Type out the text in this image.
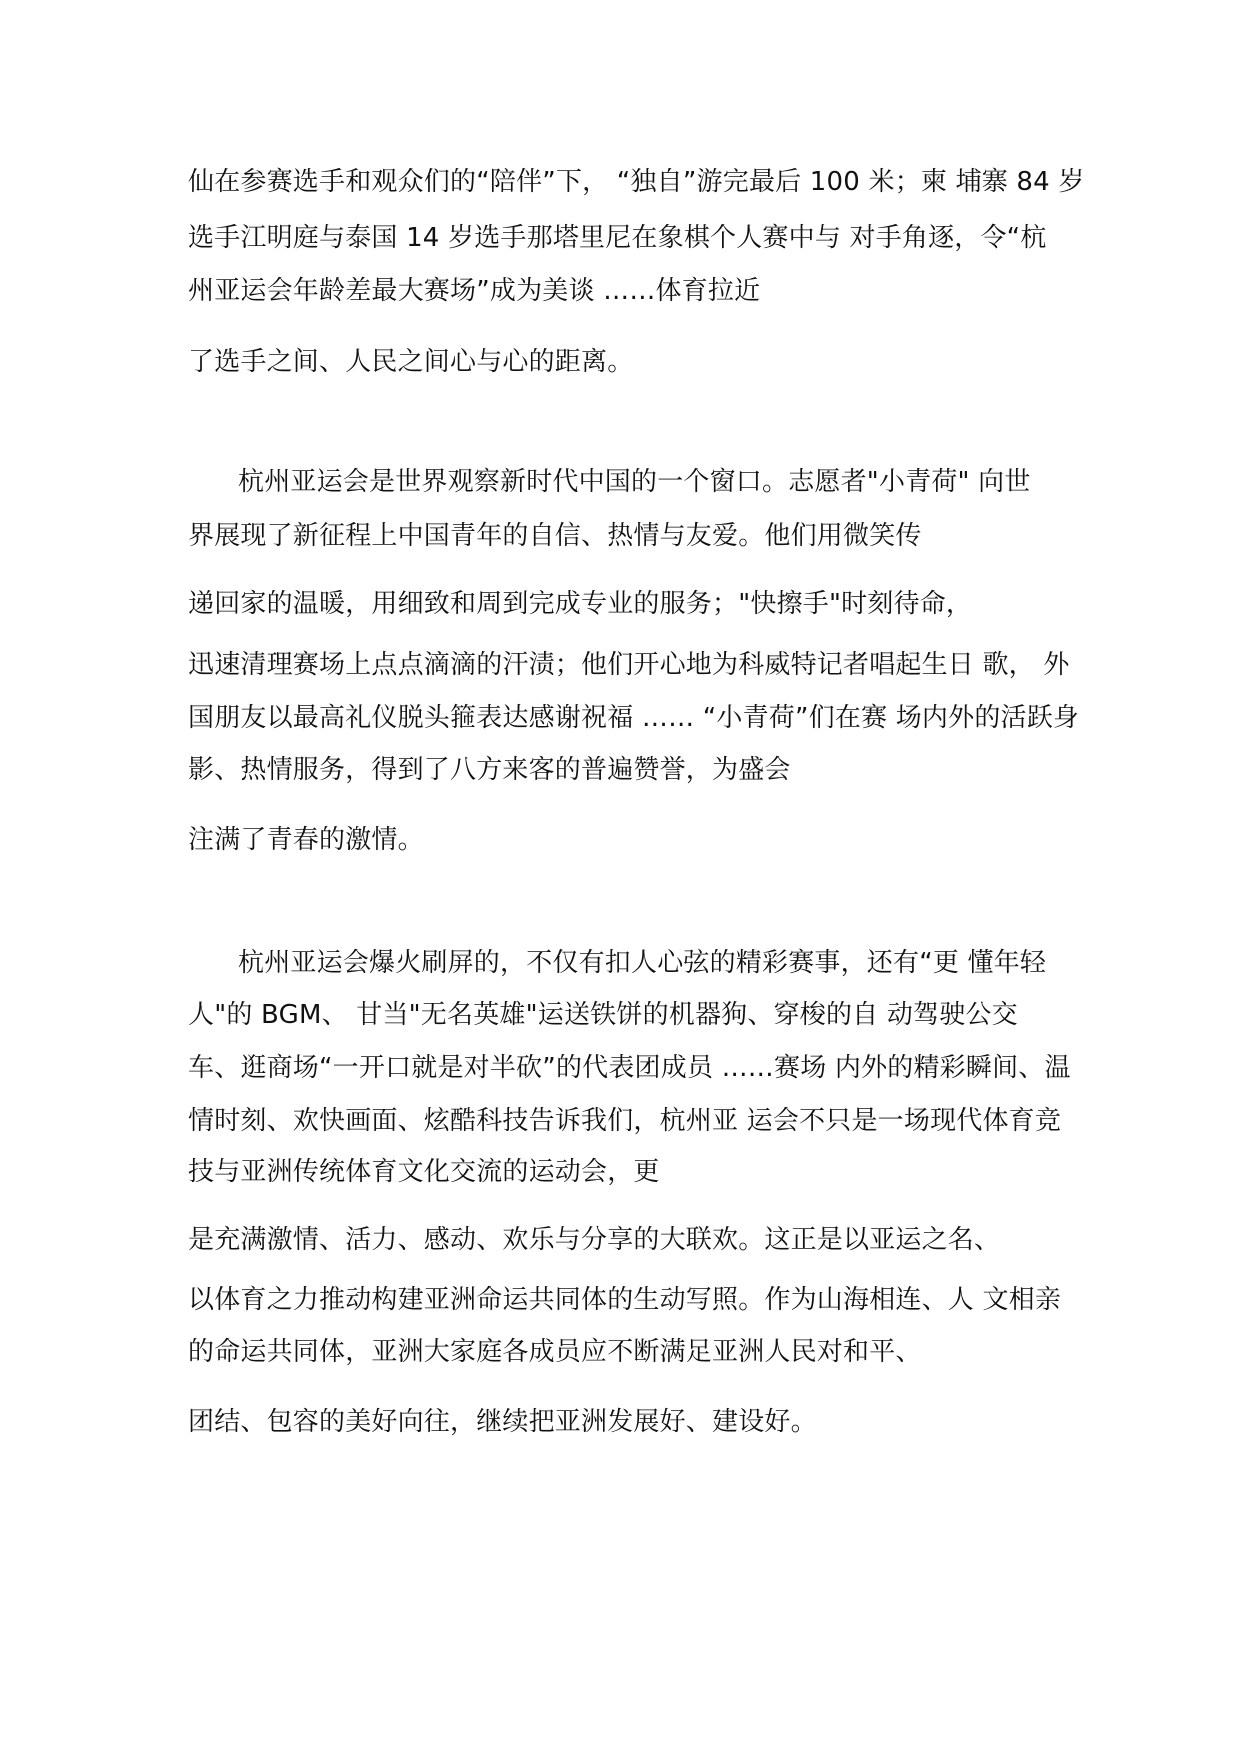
仙在参赛选手和观众们的“陪伴”下， “独自”游完最后 100 米；柬 埔寨 84 岁
选手江明庭与泰国 14 岁选手那塔里尼在象棋个人赛中与 对手角逐，令“杭
州亚运会年龄差最大赛场”成为美谈 ……体育拉近
了选手之间、人民之间心与心的距离。
杭州亚运会是世界观察新时代中国的一个窗口。志愿者"小青荷" 向世
界展现了新征程上中国青年的自信、热情与友爱。他们用微笑传
递回家的温暖，用细致和周到完成专业的服务；"快擦手"时刻待命，
迅速清理赛场上点点滴滴的汗渍；他们开心地为科威特记者唱起生日 歌， 外
国朋友以最高礼仪脱头箍表达感谢祝福 …… “小青荷”们在赛 场内外的活跃身
影、热情服务，得到了八方来客的普遍赞誉，为盛会
注满了青春的激情。
杭州亚运会爆火刷屏的，不仅有扣人心弦的精彩赛事，还有“更 懂年轻
人"的 BGM、 甘当"无名英雄"运送铁饼的机器狗、穿梭的自 动驾驶公交
车、逛商场“一开口就是对半砍”的代表团成员 ……赛场 内外的精彩瞬间、温
情时刻、欢快画面、炫酷科技告诉我们，杭州亚 运会不只是一场现代体育竞
技与亚洲传统体育文化交流的运动会，更
是充满激情、活力、感动、欢乐与分享的大联欢。这正是以亚运之名、
以体育之力推动构建亚洲命运共同体的生动写照。作为山海相连、人 文相亲
的命运共同体，亚洲大家庭各成员应不断满足亚洲人民对和平、
团结、包容的美好向往，继续把亚洲发展好、建设好。
